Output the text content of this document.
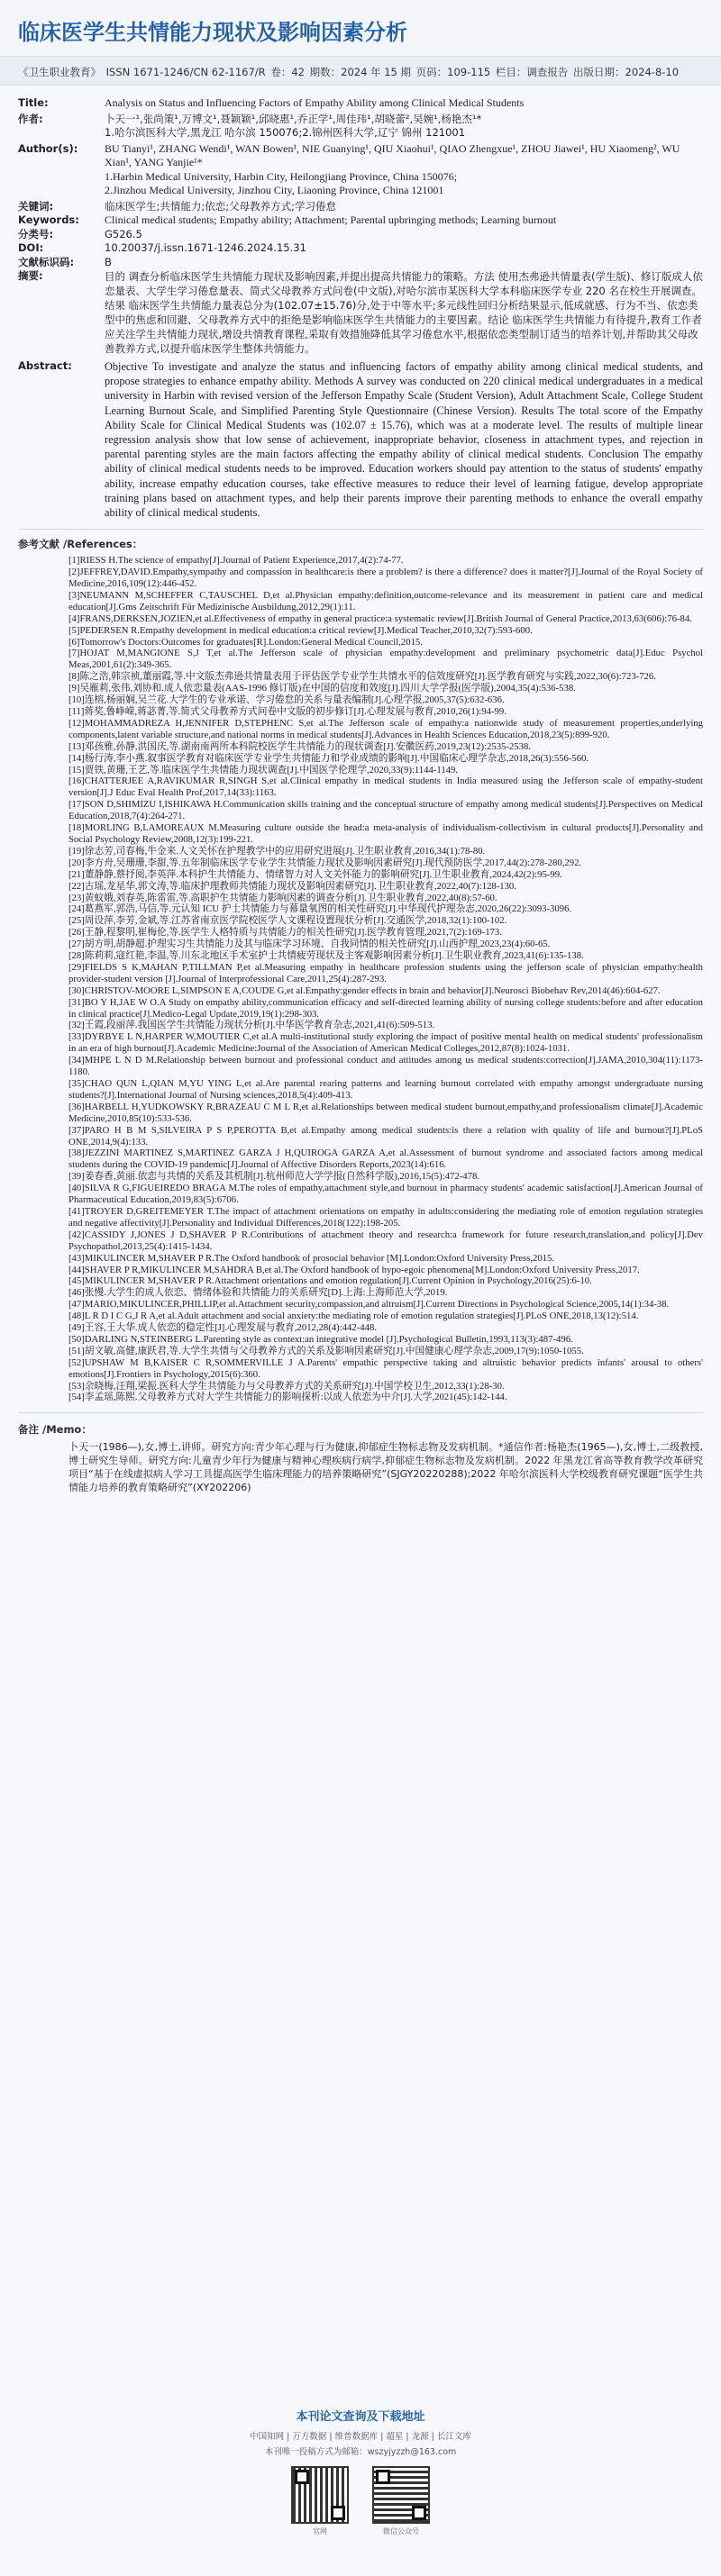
临床医学生共情能力现状及影响因素分析
《卫生职业教育》 ISSN 1671-1246/CN 62-1167/R 卷：42 期数：2024 年 15 期 页码：109-115 栏目：调查报告 出版日期：2024-8-10
Title:	Analysis on Status and Influencing Factors of Empathy Ability among Clinical Medical Students
作者:	卜天一¹,张尚策¹,万博文¹,聂颖颖¹,邱晓惠¹,乔正学¹,周佳玮¹,胡晓蕾²,吴婉¹,杨艳杰¹*
1.哈尔滨医科大学,黑龙江 哈尔滨 150076;2.锦州医科大学,辽宁 锦州 121001
Author(s):	BU Tianyi¹, ZHANG Wendi¹, WAN Bowen¹, NIE Guanying¹, QIU Xiaohui¹, QIAO Zhengxue¹, ZHOU Jiawei¹, HU Xiaomeng², WU Xian¹, YANG Yanjie¹*
1.Harbin Medical University, Harbin City, Heilongjiang Province, China 150076;
2.Jinzhou Medical University, Jinzhou City, Liaoning Province, China 121001
关键词:	临床医学生;共情能力;依恋;父母教养方式;学习倦怠
Keywords:	Clinical medical students; Empathy ability; Attachment; Parental upbringing methods; Learning burnout
分类号:	G526.5
DOI:	10.20037/j.issn.1671-1246.2024.15.31
文献标识码:	B
摘要:	目的 调查分析临床医学生共情能力现状及影响因素,并提出提高共情能力的策略。方法 使用杰弗逊共情量表(学生版)、修订版成人依恋量表、大学生学习倦怠量表、简式父母教养方式问卷(中文版),对哈尔滨市某医科大学本科临床医学专业 220 名在校生开展调查。结果 临床医学生共情能力量表总分为(102.07±15.76)分,处于中等水平;多元线性回归分析结果显示,低成就感、行为不当、依恋类型中的焦虑和回避、父母教养方式中的拒绝是影响临床医学生共情能力的主要因素。结论 临床医学生共情能力有待提升,教育工作者应关注学生共情能力现状,增设共情教育课程,采取有效措施降低其学习倦怠水平,根据依恋类型制订适当的培养计划,并帮助其父母改善教养方式,以提升临床医学生整体共情能力。
Abstract:	Objective To investigate and analyze the status and influencing factors of empathy ability among clinical medical students, and propose strategies to enhance empathy ability. Methods A survey was conducted on 220 clinical medical undergraduates in a medical university in Harbin with revised version of the Jefferson Empathy Scale (Student Version), Adult Attachment Scale, College Student Learning Burnout Scale, and Simplified Parenting Style Questionnaire (Chinese Version). Results The total score of the Empathy Ability Scale for Clinical Medical Students was (102.07 ± 15.76), which was at a moderate level. The results of multiple linear regression analysis show that low sense of achievement, inappropriate behavior, closeness in attachment types, and rejection in parental parenting styles are the main factors affecting the empathy ability of clinical medical students. Conclusion The empathy ability of clinical medical students needs to be improved. Education workers should pay attention to the status of students' empathy ability, increase empathy education courses, take effective measures to reduce their level of learning fatigue, develop appropriate training plans based on attachment types, and help their parents improve their parenting methods to enhance the overall empathy ability of clinical medical students.
参考文献 /References：
[1]RIESS H.The science of empathy[J].Journal of Patient Experience,2017,4(2):74-77.
[2]JEFFREY,DAVID.Empathy,sympathy and compassion in healthcare:is there a problem? is there a difference? does it matter?[J].Journal of the Royal Society of Medicine,2016,109(12):446-452.
[3]NEUMANN M,SCHEFFER C,TAUSCHEL D,et al.Physician empathy:definition,outcome-relevance and its measurement in patient care and medical education[J].Gms Zeitschrift Für Medizinische Ausbildung,2012,29(1):11.
[4]FRANS,DERKSEN,JOZIEN,et al.Effectiveness of empathy in general practice:a systematic review[J].British Journal of General Practice,2013,63(606):76-84.
[5]PEDERSEN R.Empathy development in medical education:a critical review[J].Medical Teacher,2010,32(7):593-600.
[6]Tomorrow's Doctors:Outcomes for graduates[R].London:General Medical Council,2015.
[7]HOJAT M,MANGIONE S,J T,et al.The Jefferson scale of physician empathy:development and preliminary psychometric data[J].Educ Psychol Meas,2001,61(2):349-365.
[8]陈之浩,韩宗祯,董丽霞,等.中文版杰弗逊共情量表用于评估医学专业学生共情水平的信效度研究[J].医学教育研究与实践,2022,30(6):723-726.
[9]吴雁莉,张伟,刘协和.成人依恋量表(AAS-1996 修订版)在中国的信度和效度[J].四川大学学报(医学版),2004,35(4):536-538.
[10]连榕,杨丽娴,吴兰花.大学生的专业承诺、学习倦怠的关系与量表编制[J].心理学报,2005,37(5):632-636.
[11]蒋奖,鲁峥嵘,蒋苾菁,等.简式父母教养方式问卷中文版的初步修订[J].心理发展与教育,2010,26(1):94-99.
[12]MOHAMMADREZA H,JENNIFER D,STEPHENC S,et al.The Jefferson scale of empathy:a nationwide study of measurement properties,underlying components,latent variable structure,and national norms in medical students[J].Advances in Health Sciences Education,2018,23(5):899-920.
[13]邓孩雅,孙静,洪国庆,等.湖南南两所本科院校医学生共情能力的现状调查[J].安徽医药,2019,23(12):2535-2538.
[14]杨行涛,李小燕.叙事医学教育对临床医学专业学生共情能力和学业成绩的影响[J].中国临床心理学杂志,2018,26(3):556-560.
[15]贾铁,黄珊,王艺,等.临床医学生共情能力现状调查[J].中国医学伦理学,2020,33(9):1144-1149.
[16]CHATTERJEE A,RAVIKUMAR R,SINGH S,et al.Clinical empathy in medical students in India measured using the Jefferson scale of empathy-student version[J].J Educ Eval Health Prof,2017,14(33):1163.
[17]SON D,SHIMIZU I,ISHIKAWA H.Communication skills training and the conceptual structure of empathy among medical students[J].Perspectives on Medical Education,2018,7(4):264-271.
[18]MORLING B,LAMOREAUX M.Measuring culture outside the head:a meta-analysis of individualism-collectivism in cultural products[J].Personality and Social Psychology Review,2008,12(3):199-221.
[19]徐志芳,司春梅,牛金来.人文关怀在护理教学中的应用研究进展[J].卫生职业教育,2016,34(1):78-80.
[20]李方舟,吴珊珊,李甜,等.五年制临床医学专业学生共情能力现状及影响因素研究[J].现代预防医学,2017,44(2):278-280,292.
[21]董静静,蔡抒阅,李英萍.本科护生共情能力、情绪智力对人文关怀能力的影响研究[J].卫生职业教育,2024,42(2):95-99.
[22]古瑶,龙星华,郭文涛,等.临床护理教师共情能力现状及影响因素研究[J].卫生职业教育,2022,40(7):128-130.
[23]黄蚊娥,刘春英,陈雷雷,等.高职护生共情能力影响因素的调查分析[J].卫生职业教育,2022,40(8):57-60.
[24]葛燕军,郭浩,马信,等.元认知 ICU 护士共情能力与幕量氧图的相关性研究[J].中华现代护理杂志,2020,26(22):3093-3096.
[25]周设萍,李芳,金斌,等.江苏省南京医学院校医学人文课程设置现状分析[J].交通医学,2018,32(1):100-102.
[26]王静,程黎明,崔梅伦,等.医学生人格特质与共情能力的相关性研究[J].医学教育管理,2021,7(2):169-173.
[27]胡方明,胡静超.护理实习生共情能力及其与临床学习环境、自我同情的相关性研究[J].山西护理,2023,23(4):60-65.
[28]陈莉莉,寇红艳,李温,等.川东北地区手术室护士共情疲劳现状及主客观影响因素分析[J].卫生职业教育,2023,41(6):135-138.
[29]FIELDS S K,MAHAN P,TILLMAN P,et al.Measuring empathy in healthcare profession students using the jefferson scale of physician empathy:health provider-student version [J].Journal of Interprofessional Care,2011,25(4):287-293.
[30]CHRISTOV-MOORE L,SIMPSON E A,COUDE G,et al.Empathy:gender effects in brain and behavior[J].Neurosci Biobehav Rev,2014(46):604-627.
[31]BO Y H,JAE W O.A Study on empathy ability,communication efficacy and self-directed learning ability of nursing college students:before and after education in clinical practice[J].Medico-Legal Update,2019,19(1):298-303.
[32]王霞,段丽萍.我国医学生共情能力现状分析[J].中华医学教育杂志,2021,41(6):509-513.
[33]DYRBYE L N,HARPER W,MOUTIER C,et al.A multi-institutional study exploring the impact of positive mental health on medical students' professionalism in an era of high burnout[J].Academic Medicine:Journal of the Association of American Medical Colleges,2012,87(8):1024-1031.
[34]MHPE L N D M.Relationship between burnout and professional conduct and attitudes among us medical students:correction[J].JAMA,2010,304(11):1173-1180.
[35]CHAO QUN L,QIAN M,YU YING L,et al.Are parental rearing patterns and learning burnout correlated with empathy amongst undergraduate nursing students?[J].International Journal of Nursing sciences,2018,5(4):409-413.
[36]HARBELL H,YUDKOWSKY R,BRAZEAU C M L R,et al.Relationships between medical student burnout,empathy,and professionalism climate[J].Academic Medicine,2010,85(10):533-536.
[37]PARO H B M S,SILVEIRA P S P,PEROTTA B,et al.Empathy among medical students:is there a relation with quality of life and burnout?[J].PLoS ONE,2014,9(4):133.
[38]JEZZINI MARTINEZ S,MARTINEZ GARZA J H,QUIROGA GARZA A,et al.Assessment of burnout syndrome and associated factors among medical students during the COVID-19 pandemic[J].Journal of Affective Disorders Reports,2023(14):616.
[39]姜春香,黄丽.依恋与共情的关系及其机制[J].杭州师范大学学报(自然科学版),2016,15(5):472-478.
[40]SILVA R G,FIGUEIREDO BRAGA M.The roles of empathy,attachment style,and burnout in pharmacy students' academic satisfaction[J].American Journal of Pharmaceutical Education,2019,83(5):6706.
[41]TROYER D,GREITEMEYER T.The impact of attachment orientations on empathy in adults:considering the mediating role of emotion regulation strategies and negative affectivity[J].Personality and Individual Differences,2018(122):198-205.
[42]CASSIDY J,JONES J D,SHAVER P R.Contributions of attachment theory and research:a framework for future research,translation,and policy[J].Dev Psychopathol,2013,25(4):1415-1434.
[43]MIKULINCER M,SHAVER P R.The Oxford handbook of prosocial behavior [M].London:Oxford University Press,2015.
[44]SHAVER P R,MIKULINCER M,SAHDRA B,et al.The Oxford handbook of hypo-egoic phenomena[M].London:Oxford University Press,2017.
[45]MIKULINCER M,SHAVER P R.Attachment orientations and emotion regulation[J].Current Opinion in Psychology,2016(25):6-10.
[46]张慢.大学生的成人依恋、情绪体验和共情能力的关系研究[D].上海:上海师范大学,2019.
[47]MARIO,MIKULINCER,PHILLIP,et al.Attachment security,compassion,and altruism[J].Current Directions in Psychological Science,2005,14(1):34-38.
[48]L R D I C G,J R A,et al.Adult attachment and social anxiety:the mediating role of emotion regulation strategies[J].PLoS ONE,2018,13(12):514.
[49]王容,王大华.成人依恋的稳定性[J].心理发展与教育,2012,28(4):442-448.
[50]DARLING N,STEINBERG L.Parenting style as context:an integrative model [J].Psychological Bulletin,1993,113(3):487-496.
[51]胡文敏,高健,康跃君,等.大学生共情与父母教养方式的关系及影响因素研究[J].中国健康心理学杂志,2009,17(9):1050-1055.
[52]UPSHAW M B,KAISER C R,SOMMERVILLE J A.Parents' empathic perspective taking and altruistic behavior predicts infants' arousal to others' emotions[J].Frontiers in Psychology,2015(6):360.
[53]余晓梅,汪翔,梁振.医科大学生共情能力与父母教养方式的关系研究[J].中国学校卫生,2012,33(1):28-30.
[54]李孟瑶,陈熙.父母教养方式对大学生共情能力的影响探析:以成人依恋为中介[J].大学,2021(45):142-144.
备注 /Memo：
卜天一(1986—),女,博士,讲师。研究方向:青少年心理与行为健康,抑郁症生物标志物及发病机制。*通信作者:杨艳杰(1965—),女,博士,二级教授,博士研究生导师。研究方向:儿童青少年行为健康与精神心理疾病行病学,抑郁症生物标志物及发病机制。2022 年黑龙江省高等教育教学改革研究项目“基于在线虚拟病人学习工具提高医学生临床理能力的培养策略研究”(SJGY20220288);2022 年哈尔滨医科大学校级教育研究课题“医学生共情能力培养的教育策略研究”(XY202206)
本刊论文查询及下载地址
中国知网 | 万方数据 | 维普数据库 | 超星 | 龙源 | 长江文库
本刊唯一投稿方式为邮箱：wszyjyzzh@163.com
官网	微信公众号
